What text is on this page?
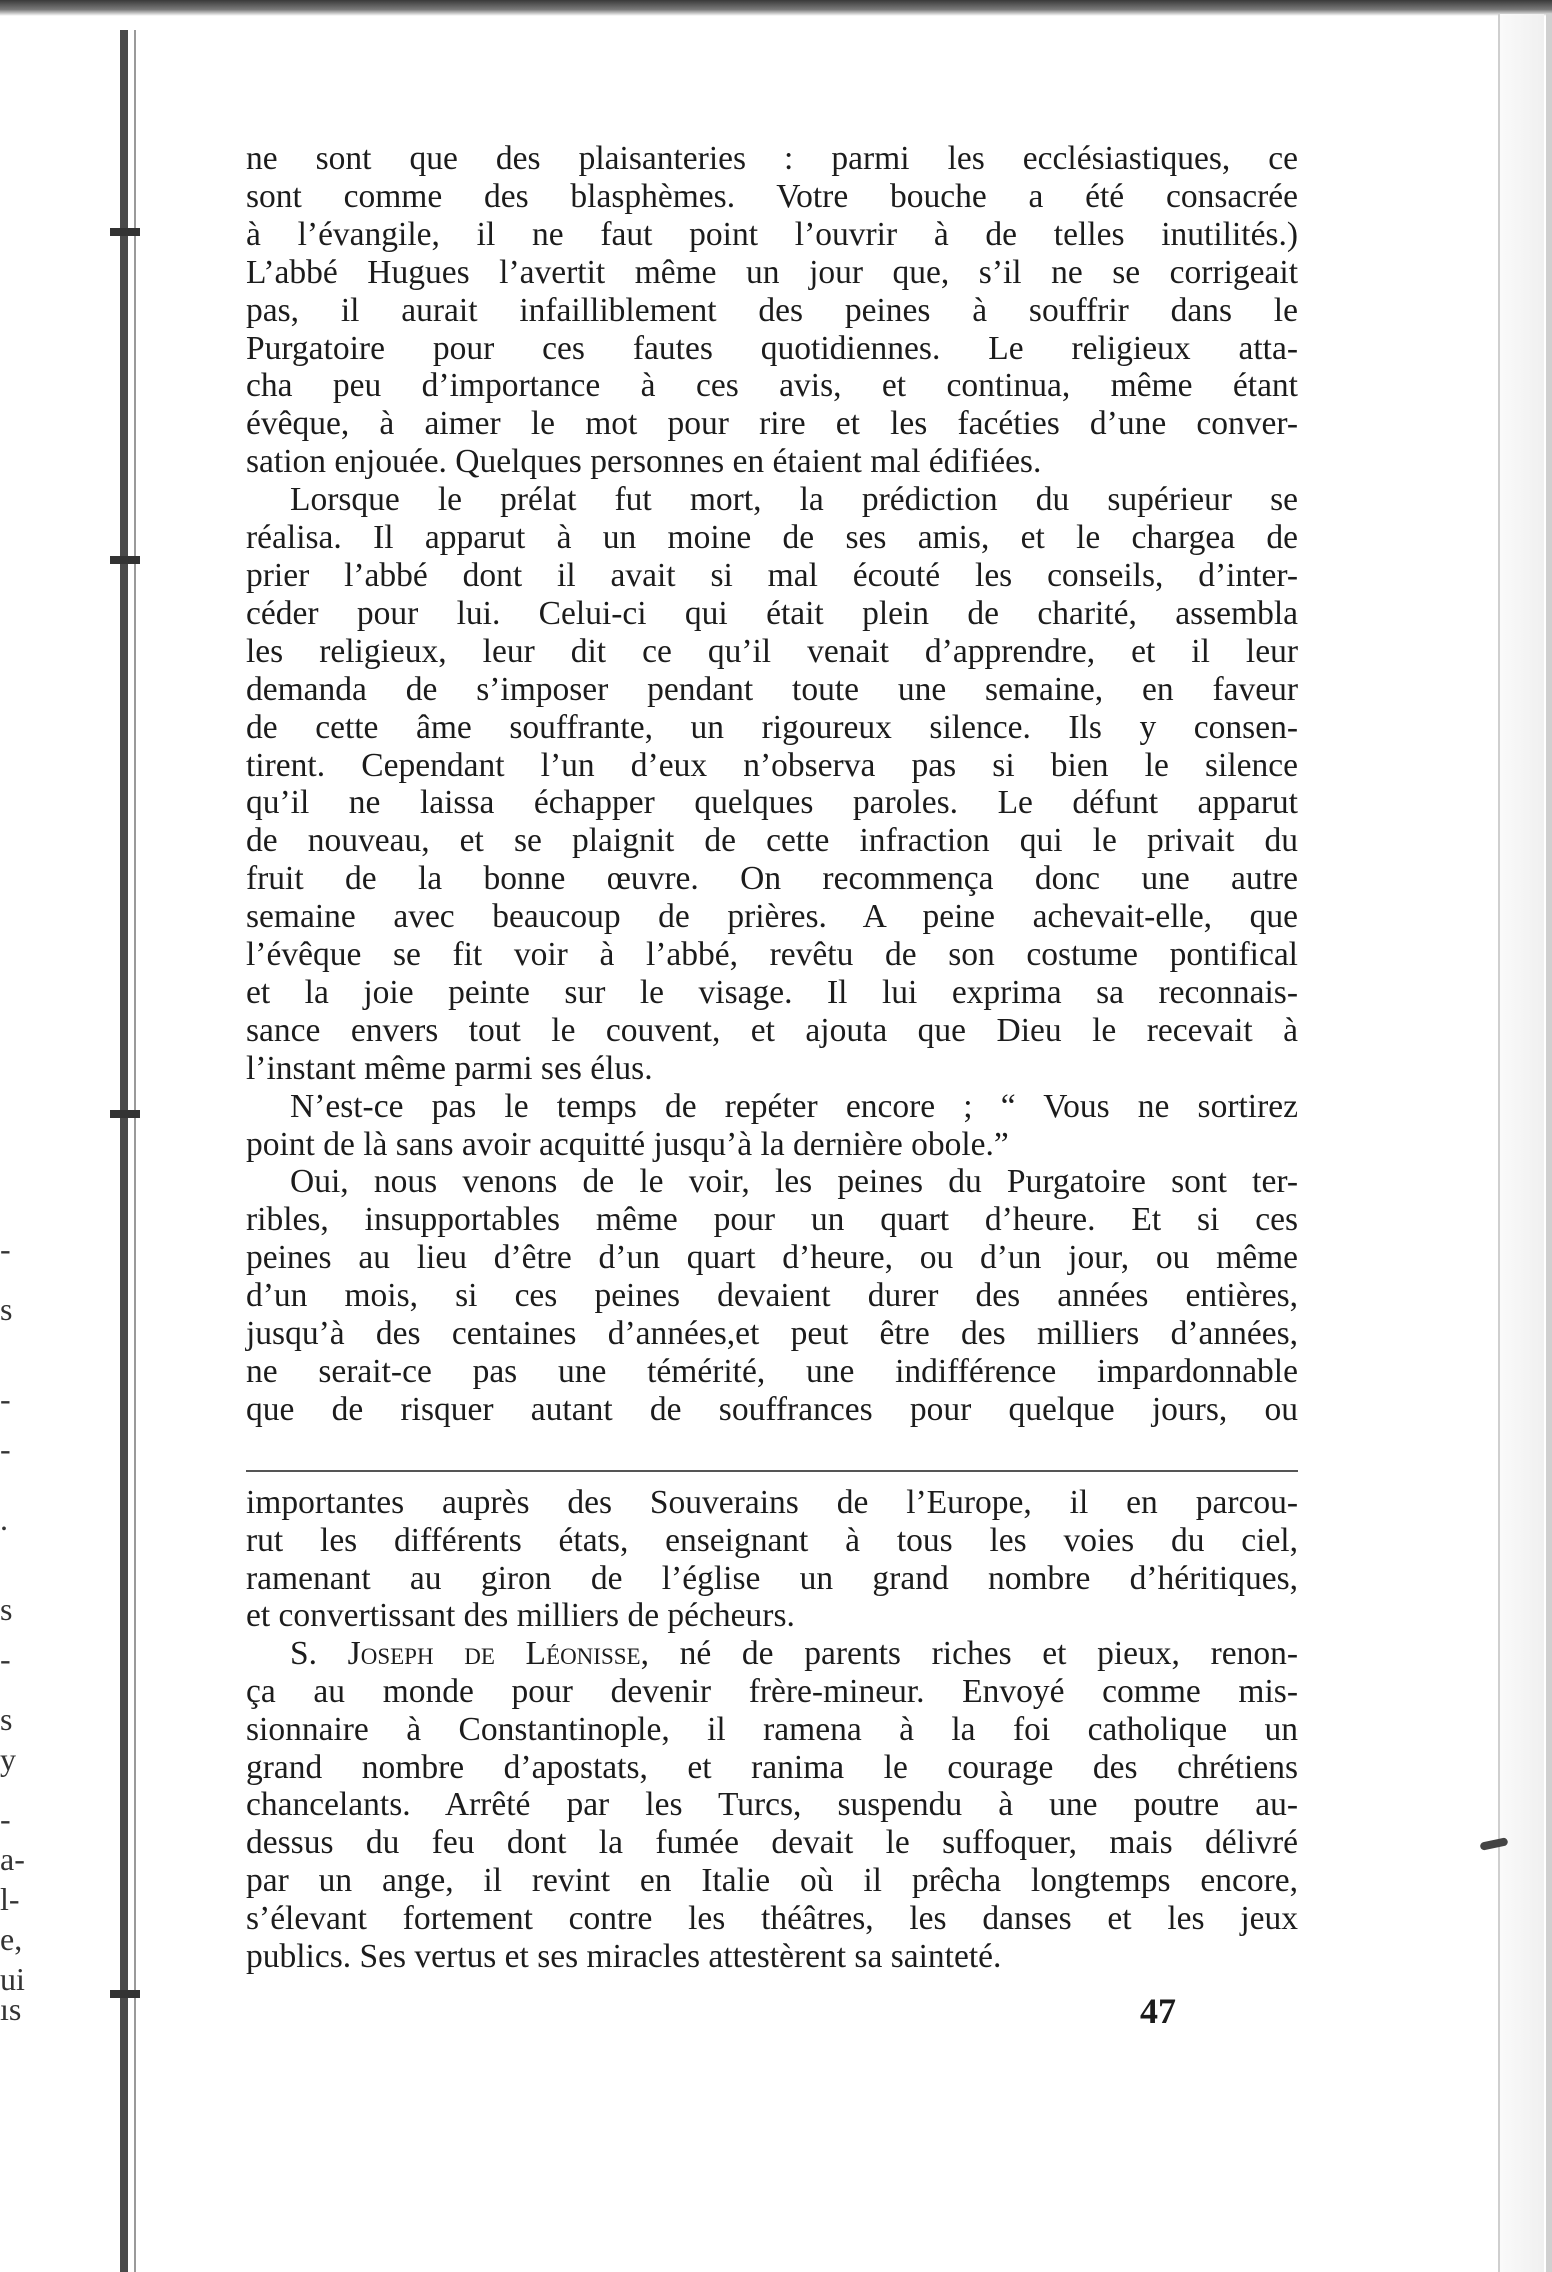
s
-
s
y
-
a-
l-
e,
ui
ıs
-
s
-
-
.
ne sont que des plaisanteries : parmi les ecclésiastiques, ce
sont comme des blasphèmes. Votre bouche a été consacrée
à l’évangile, il ne faut point l’ouvrir à de telles inutilités.)
L’abbé Hugues l’avertit même un jour que, s’il ne se corrigeait
pas, il aurait infailliblement des peines à souffrir dans le
Purgatoire pour ces fautes quotidiennes. Le religieux atta-
cha peu d’importance à ces avis, et continua, même étant
évêque, à aimer le mot pour rire et les facéties d’une conver-
sation enjouée. Quelques personnes en étaient mal édifiées.
Lorsque le prélat fut mort, la prédiction du supérieur se
réalisa. Il apparut à un moine de ses amis, et le chargea de
prier l’abbé dont il avait si mal écouté les conseils, d’inter-
céder pour lui. Celui-ci qui était plein de charité, assembla
les religieux, leur dit ce qu’il venait d’apprendre, et il leur
demanda de s’imposer pendant toute une semaine, en faveur
de cette âme souffrante, un rigoureux silence. Ils y consen-
tirent. Cependant l’un d’eux n’observa pas si bien le silence
qu’il ne laissa échapper quelques paroles. Le défunt apparut
de nouveau, et se plaignit de cette infraction qui le privait du
fruit de la bonne œuvre. On recommença donc une autre
semaine avec beaucoup de prières. A peine achevait-elle, que
l’évêque se fit voir à l’abbé, revêtu de son costume pontifical
et la joie peinte sur le visage. Il lui exprima sa reconnais-
sance envers tout le couvent, et ajouta que Dieu le recevait à
l’instant même parmi ses élus.
N’est-ce pas le temps de repéter encore ; “ Vous ne sortirez
point de là sans avoir acquitté jusqu’à la dernière obole.”
Oui, nous venons de le voir, les peines du Purgatoire sont ter-
ribles, insupportables même pour un quart d’heure. Et si ces
peines au lieu d’être d’un quart d’heure, ou d’un jour, ou même
d’un mois, si ces peines devaient durer des années entières,
jusqu’à des centaines d’années,et peut être des milliers d’années,
ne serait-ce pas une témérité, une indifférence impardonnable
que de risquer autant de souffrances pour quelque jours, ou
importantes auprès des Souverains de l’Europe, il en parcou-
rut les différents états, enseignant à tous les voies du ciel,
ramenant au giron de l’église un grand nombre d’héritiques,
et convertissant des milliers de pécheurs.
S. Joseph de Léonisse, né de parents riches et pieux, renon-
ça au monde pour devenir frère-mineur. Envoyé comme mis-
sionnaire à Constantinople, il ramena à la foi catholique un
grand nombre d’apostats, et ranima le courage des chrétiens
chancelants. Arrêté par les Turcs, suspendu à une poutre au-
dessus du feu dont la fumée devait le suffoquer, mais délivré
par un ange, il revint en Italie où il prêcha longtemps encore,
s’élevant fortement contre les théâtres, les danses et les jeux
publics. Ses vertus et ses miracles attestèrent sa sainteté.
47
